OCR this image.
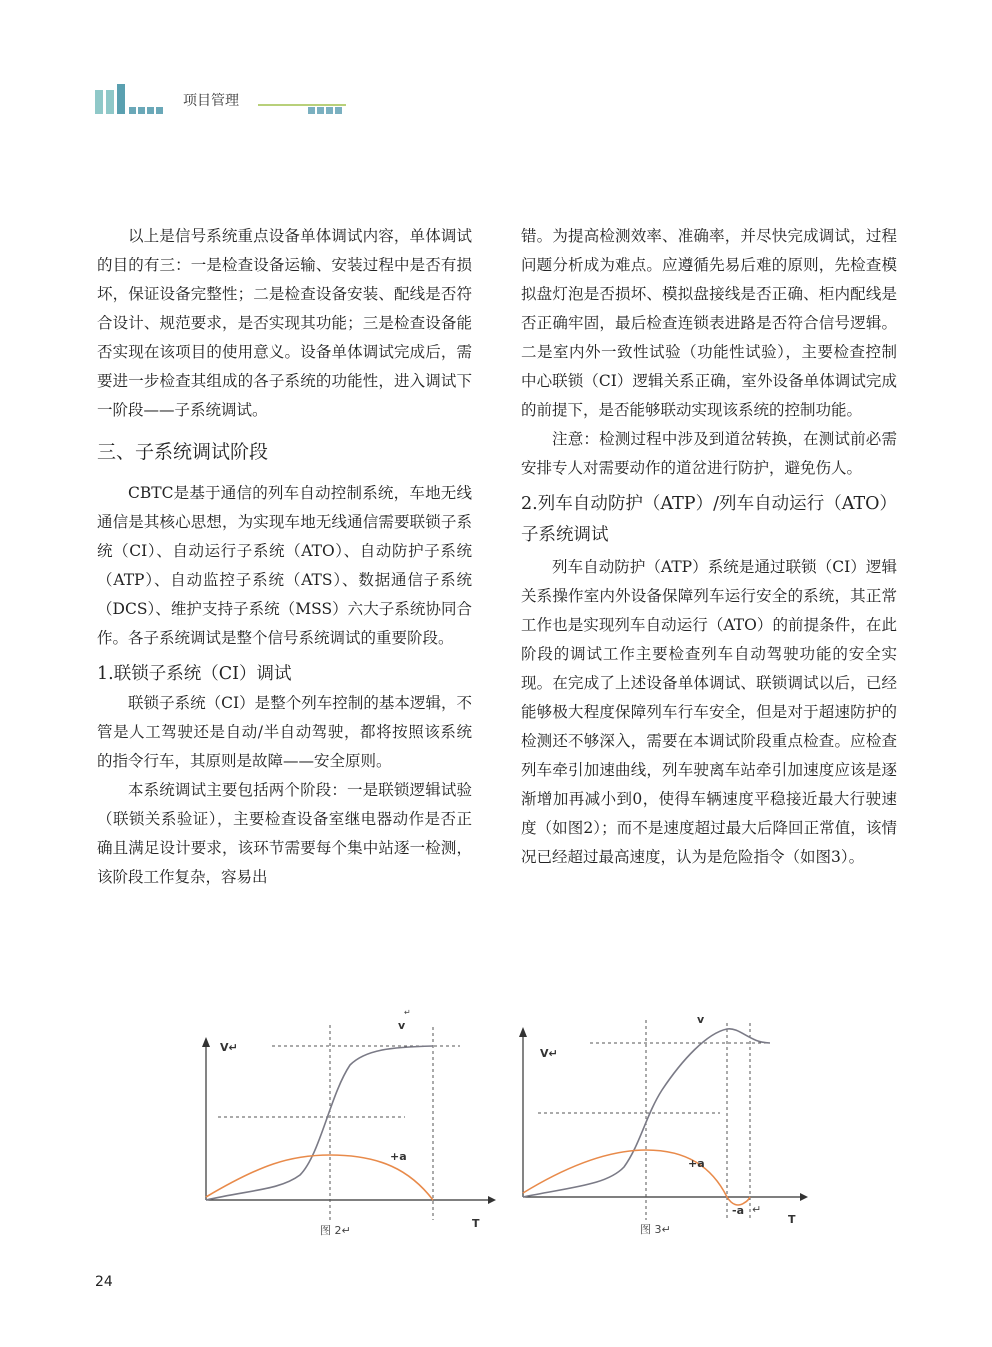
项目管理

以上是信号系统重点设备单体调试内容，单体调试的目的有三：一是检查设备运输、安装过程中是否有损坏，保证设备完整性；二是检查设备安装、配线是否符合设计、规范要求，是否实现其功能；三是检查设备能否实现在该项目的使用意义。设备单体调试完成后，需要进一步检查其组成的各子系统的功能性，进入调试下一阶段——子系统调试。

三、子系统调试阶段

CBTC是基于通信的列车自动控制系统，车地无线通信是其核心思想，为实现车地无线通信需要联锁子系统（CI）、自动运行子系统（ATO）、自动防护子系统（ATP）、自动监控子系统（ATS）、数据通信子系统（DCS）、维护支持子系统（MSS）六大子系统协同合作。各子系统调试是整个信号系统调试的重要阶段。

1.联锁子系统（CI）调试

联锁子系统（CI）是整个列车控制的基本逻辑，不管是人工驾驶还是自动/半自动驾驶，都将按照该系统的指令行车，其原则是故障——安全原则。

本系统调试主要包括两个阶段：一是联锁逻辑试验（联锁关系验证），主要检查设备室继电器动作是否正确且满足设计要求，该环节需要每个集中站逐一检测，该阶段工作复杂，容易出

错。为提高检测效率、准确率，并尽快完成调试，过程问题分析成为难点。应遵循先易后难的原则，先检查模拟盘灯泡是否损坏、模拟盘接线是否正确、柜内配线是否正确牢固，最后检查连锁表进路是否符合信号逻辑。二是室内外一致性试验（功能性试验），主要检查控制中心联锁（CI）逻辑关系正确，室外设备单体调试完成的前提下，是否能够联动实现该系统的控制功能。

注意：检测过程中涉及到道岔转换，在测试前必需安排专人对需要动作的道岔进行防护，避免伤人。

2.列车自动防护（ATP）/列车自动运行（ATO）子系统调试

列车自动防护（ATP）系统是通过联锁（CI）逻辑关系操作室内外设备保障列车运行安全的系统，其正常工作也是实现列车自动运行（ATO）的前提条件，在此阶段的调试工作主要检查列车自动驾驶功能的安全实现。在完成了上述设备单体调试、联锁调试以后，已经能够极大程度保障列车行车安全，但是对于超速防护的检测还不够深入，需要在本调试阶段重点检查。应检查列车牵引加速曲线，列车驶离车站牵引加速度应该是逐渐增加再减小到0，使得车辆速度平稳接近最大行驶速度（如图2）；而不是速度超过最大后降回正常值，该情况已经超过最高速度，认为是危险指令（如图3）。

V↵
v
↵
+a
T
图 2↵
V↵
v
+a
-a ↵
T
图 3↵
24
